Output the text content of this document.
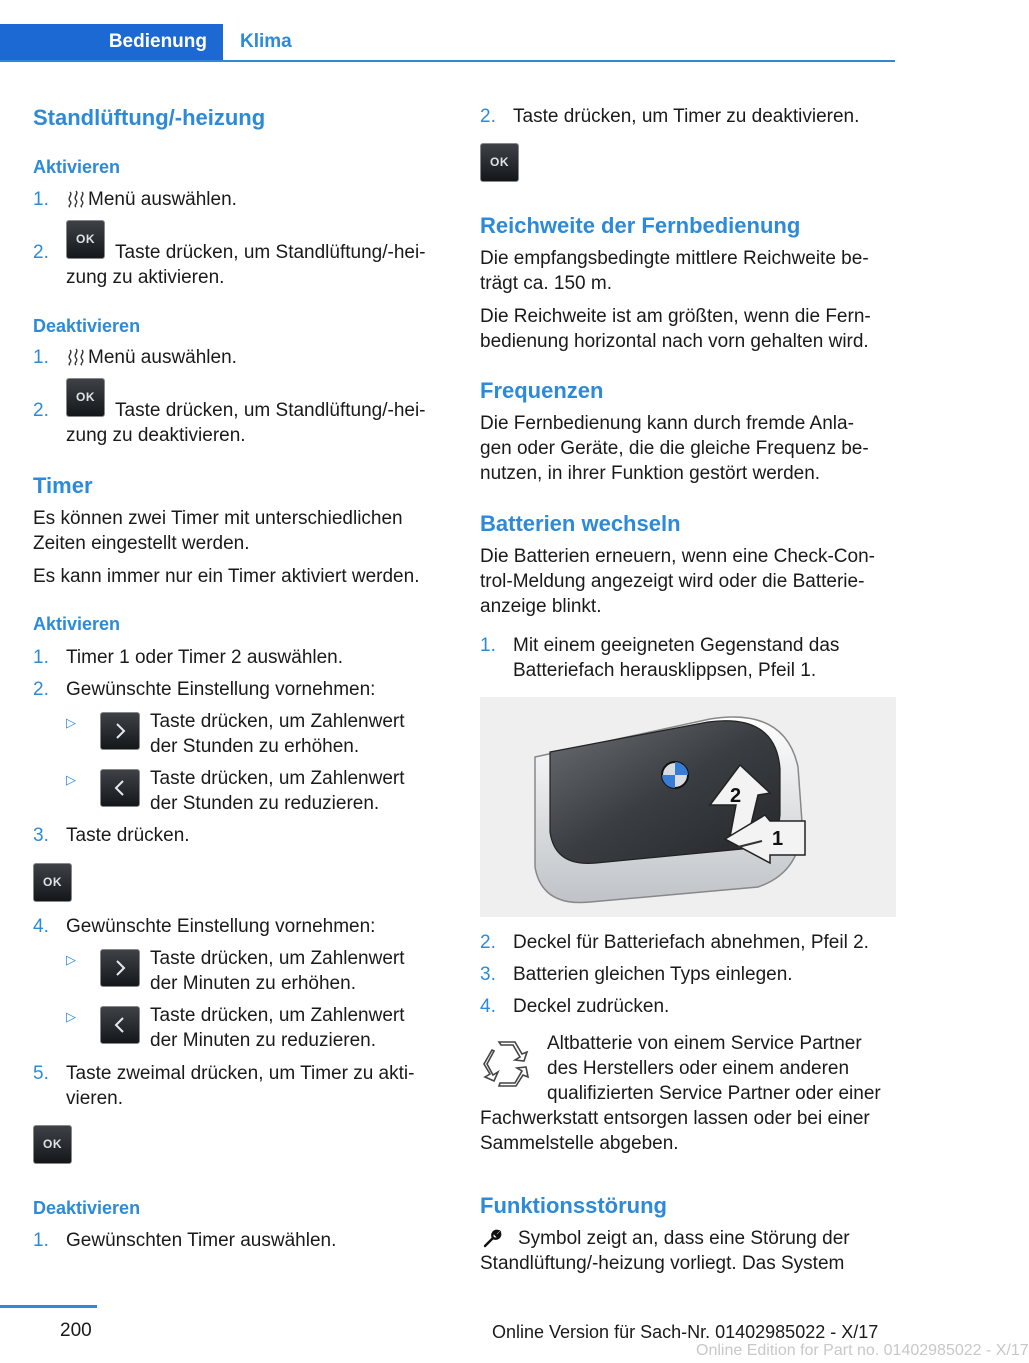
Bedienung	Klima
Standlüftung/-heizung
Aktivieren
1. Menü auswählen.
2.
OK
Taste drücken, um Standlüftung/-hei‐
zung zu aktivieren.
Deaktivieren
1. Menü auswählen.
2.
OK
Taste drücken, um Standlüftung/-hei‐
zung zu deaktivieren.
Timer
Es können zwei Timer mit unterschiedlichen
Zeiten eingestellt werden.
Es kann immer nur ein Timer aktiviert werden.
Aktivieren
1. Timer 1 oder Timer 2 auswählen.
2. Gewünschte Einstellung vornehmen:
▷	Taste drücken, um Zahlenwert
der Stunden zu erhöhen.
▷	Taste drücken, um Zahlenwert
der Stunden zu reduzieren.
3. Taste drücken.
OK
4. Gewünschte Einstellung vornehmen:
▷	Taste drücken, um Zahlenwert
der Minuten zu erhöhen.
▷	Taste drücken, um Zahlenwert
der Minuten zu reduzieren.
5. Taste zweimal drücken, um Timer zu akti‐
vieren.
OK
Deaktivieren
1. Gewünschten Timer auswählen.
2. Taste drücken, um Timer zu deaktivieren.
OK
Reichweite der Fernbedienung
Die empfangsbedingte mittlere Reichweite be‐
trägt ca. 150 m.
Die Reichweite ist am größten, wenn die Fern‐
bedienung horizontal nach vorn gehalten wird.
Frequenzen
Die Fernbedienung kann durch fremde Anla‐
gen oder Geräte, die die gleiche Frequenz be‐
nutzen, in ihrer Funktion gestört werden.
Batterien wechseln
Die Batterien erneuern, wenn eine Check-Con‐
trol-Meldung angezeigt wird oder die Batterie‐
anzeige blinkt.
1. Mit einem geeigneten Gegenstand das
Batteriefach herausklippsen, Pfeil 1.
2
1
2. Deckel für Batteriefach abnehmen, Pfeil 2.
3. Batterien gleichen Typs einlegen.
4. Deckel zudrücken.
Altbatterie von einem Service Partner
des Herstellers oder einem anderen
qualifizierten Service Partner oder einer
Fachwerkstatt entsorgen lassen oder bei einer
Sammelstelle abgeben.
Funktionsstörung
Symbol zeigt an, dass eine Störung der
Standlüftung/-heizung vorliegt. Das System
200	Online Version für Sach-Nr. 01402985022 - X/17
Online Edition for Part no. 01402985022 - X/17
